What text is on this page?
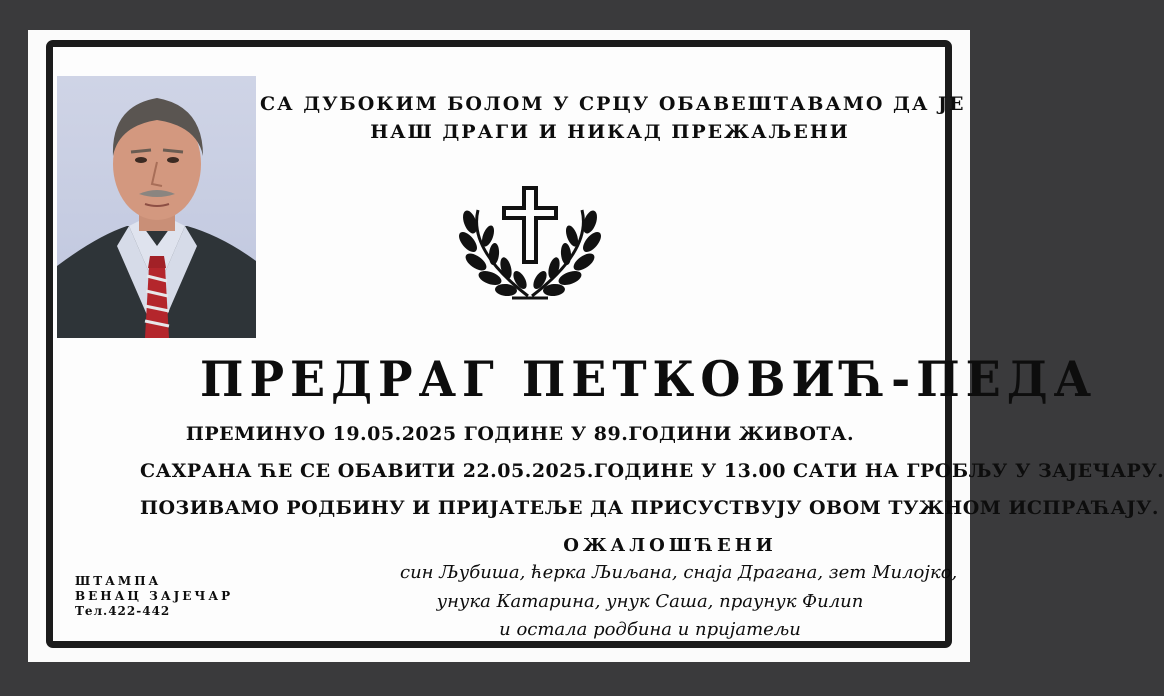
СА ДУБОКИМ БОЛОМ У СРЦУ ОБАВЕШТАВАМО ДА ЈЕ
НАШ ДРАГИ И НИКАД ПРЕЖАЉЕНИ
ПРЕДРАГ ПЕТКОВИЋ-ПЕДА
ПРЕМИНУО 19.05.2025 ГОДИНЕ У 89.ГОДИНИ ЖИВОТА.
САХРАНА ЋЕ СЕ ОБАВИТИ 22.05.2025.ГОДИНЕ У 13.00 САТИ НА ГРОБЉУ У ЗАЈЕЧАРУ.
ПОЗИВАМО РОДБИНУ И ПРИЈАТЕЉЕ ДА ПРИСУСТВУЈУ ОВОМ ТУЖНОМ ИСПРАЋАЈУ.
ОЖАЛОШЋЕНИ
син Љубиша, ћерка Љиљана, снаја Драгана, зет Милојко,
унука Катарина, унук Саша, праунук Филип
и остала родбина и пријатељи
ШТАМПА
ВЕНАЦ ЗАЈЕЧАР
Тел.422-442
